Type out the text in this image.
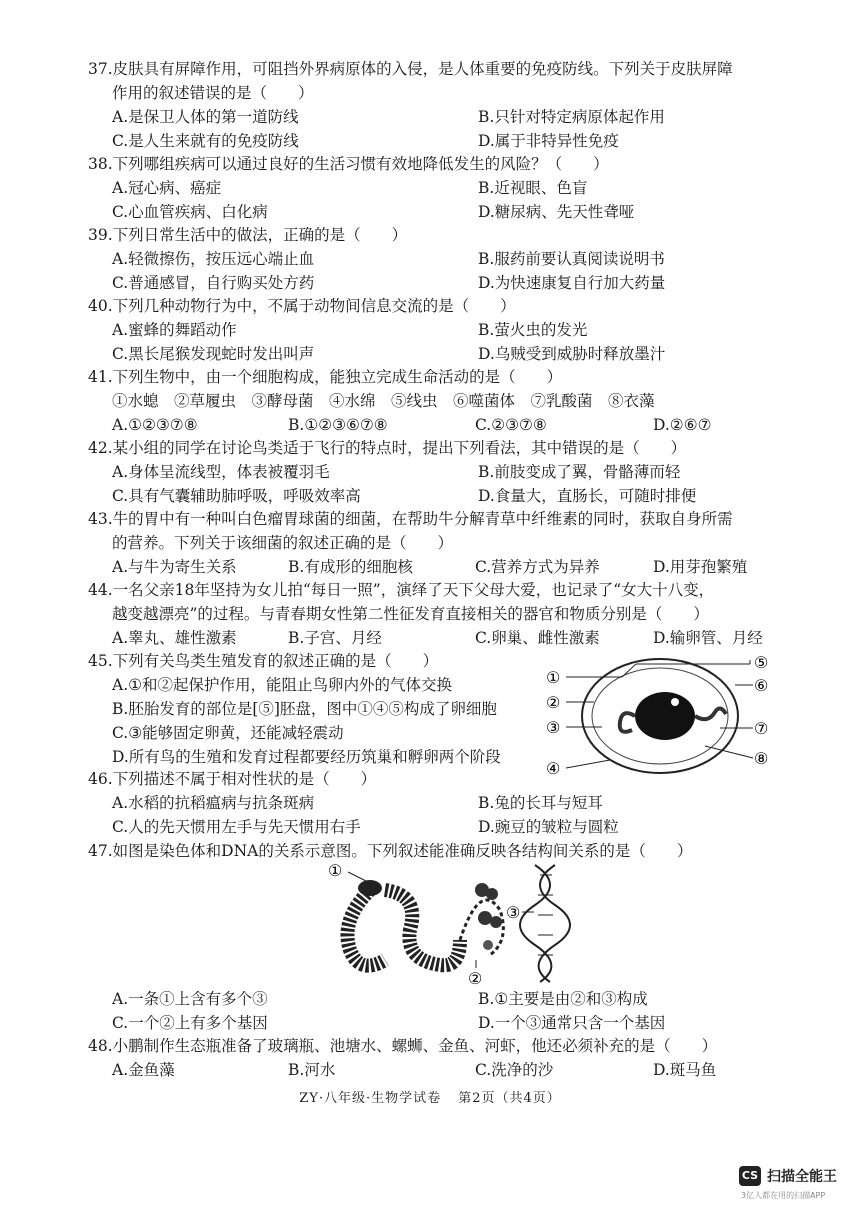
37.皮肤具有屏障作用，可阻挡外界病原体的入侵，是人体重要的免疫防线。下列关于皮肤屏障
作用的叙述错误的是（　　）
A.是保卫人体的第一道防线	B.只针对特定病原体起作用
C.是人生来就有的免疫防线	D.属于非特异性免疫
38.下列哪组疾病可以通过良好的生活习惯有效地降低发生的风险？（　　）
A.冠心病、癌症	B.近视眼、色盲
C.心血管疾病、白化病	D.糖尿病、先天性聋哑
39.下列日常生活中的做法，正确的是（　　）
A.轻微擦伤，按压远心端止血	B.服药前要认真阅读说明书
C.普通感冒，自行购买处方药	D.为快速康复自行加大药量
40.下列几种动物行为中，不属于动物间信息交流的是（　　）
A.蜜蜂的舞蹈动作	B.萤火虫的发光
C.黑长尾猴发现蛇时发出叫声	D.乌贼受到威胁时释放墨汁
41.下列生物中，由一个细胞构成，能独立完成生命活动的是（　　）
①水螅　②草履虫　③酵母菌　④水绵　⑤线虫　⑥噬菌体　⑦乳酸菌　⑧衣藻
A.①②③⑦⑧	B.①②③⑥⑦⑧	C.②③⑦⑧	D.②⑥⑦
42.某小组的同学在讨论鸟类适于飞行的特点时，提出下列看法，其中错误的是（　　）
A.身体呈流线型，体表被覆羽毛	B.前肢变成了翼，骨骼薄而轻
C.具有气囊辅助肺呼吸，呼吸效率高	D.食量大，直肠长，可随时排便
43.牛的胃中有一种叫白色瘤胃球菌的细菌，在帮助牛分解青草中纤维素的同时，获取自身所需
的营养。下列关于该细菌的叙述正确的是（　　）
A.与牛为寄生关系	B.有成形的细胞核	C.营养方式为异养	D.用芽孢繁殖
44.一名父亲18年坚持为女儿拍“每日一照”，演绎了天下父母大爱，也记录了“女大十八变，
越变越漂亮”的过程。与青春期女性第二性征发育直接相关的器官和物质分别是（　　）
A.睾丸、雄性激素	B.子宫、月经	C.卵巢、雌性激素	D.输卵管、月经
45.下列有关鸟类生殖发育的叙述正确的是（　　）
A.①和②起保护作用，能阻止鸟卵内外的气体交换
B.胚胎发育的部位是[⑤]胚盘，图中①④⑤构成了卵细胞
C.③能够固定卵黄，还能减轻震动
D.所有鸟的生殖和发育过程都要经历筑巢和孵卵两个阶段
①
②
③
④
⑤
⑥
⑦
⑧
46.下列描述不属于相对性状的是（　　）
A.水稻的抗稻瘟病与抗条斑病	B.兔的长耳与短耳
C.人的先天惯用左手与先天惯用右手	D.豌豆的皱粒与圆粒
47.如图是染色体和DNA的关系示意图。下列叙述能准确反映各结构间关系的是（　　）
①
②
③
A.一条①上含有多个③	B.①主要是由②和③构成
C.一个②上有多个基因	D.一个③通常只含一个基因
48.小鹏制作生态瓶准备了玻璃瓶、池塘水、螺蛳、金鱼、河虾，他还必须补充的是（　　）
A.金鱼藻	B.河水	C.洗净的沙	D.斑马鱼
ZY·八年级·生物学试卷 第2页（共4页）
CS 扫描全能王
3亿人都在用的扫描APP
